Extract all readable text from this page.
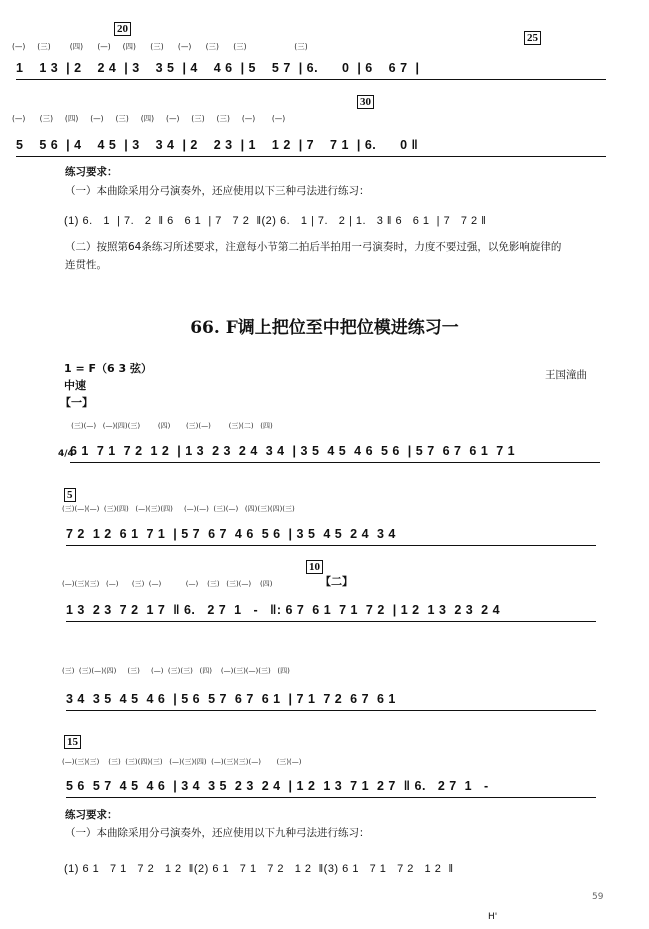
20
25
(—)     (三)        (四)      (—)     (四)      (三)      (—)      (三)      (三)                    (三)
1    1 3  | 2    2 4  | 3    3 5  | 4    4 6  | 5    5 7  | 6.      0  | 6    6 7  |
30
(—)      (三)     (四)     (—)     (三)     (四)     (—)     (三)     (三)     (—)       (—)
5    5 6  | 4    4 5  | 3    3 4  | 2    2 3  | 1    1 2  | 7    7 1  | 6.      0 ‖
练习要求：
（一）本曲除采用分弓演奏外，还应使用以下三种弓法进行练习：
(1) 6.   1  | 7.   2  ‖ 6   6 1  | 7   7 2  ‖(2) 6.   1 | 7.   2 | 1.   3 ‖ 6   6 1  | 7   7 2 ‖
（二）按照第64条练习所述要求，注意每小节第二拍后半拍用一弓演奏时，力度不要过强，以免影响旋律的
连贯性。
66. F调上把位至中把位模进练习一
1 = F（6 3 弦）	王国潼曲
中速
【一】
(三)(—)   (—)(四)(三)        (四)       (三)(—)        (三)(二)   (四)
4/4
6 1  7 1  7 2  1 2  | 1 3  2 3  2 4  3 4  | 3 5  4 5  4 6  5 6  | 5 7  6 7  6 1  7 1
5
(三)(—)(—)  (三)(四)   (—)(三)(四)     (—)(—)  (三)(—)   (四)(三)(四)(三)
7 2  1 2  6 1  7 1  | 5 7  6 7  4 6  5 6  | 3 5  4 5  2 4  3 4
10
【二】
(—)(三)(三)   (—)      (三)  (—)           (—)    (三)   (三)(—)    (四)
1 3  2 3  7 2  1 7  ‖ 6.   2 7  1   -   ‖: 6 7  6 1  7 1  7 2  | 1 2  1 3  2 3  2 4
(三)  (三)(—)(四)     (三)     (—)  (三)(三)   (四)    (—)(三)(—)(三)   (四)
3 4  3 5  4 5  4 6  | 5 6  5 7  6 7  6 1  | 7 1  7 2  6 7  6 1
15
(—)(三)(三)    (三)  (三)(四)(三)   (—)(三)(四)  (—)(三)(三)(—)       (三)(—)
5 6  5 7  4 5  4 6  | 3 4  3 5  2 3  2 4  | 1 2  1 3  7 1  2 7  ‖ 6.   2 7  1   -
练习要求：
（一）本曲除采用分弓演奏外，还应使用以下九种弓法进行练习：
(1) 6 1   7 1   7 2   1 2  ‖(2) 6 1   7 1   7 2   1 2  ‖(3) 6 1   7 1   7 2   1 2  ‖
59
H'
